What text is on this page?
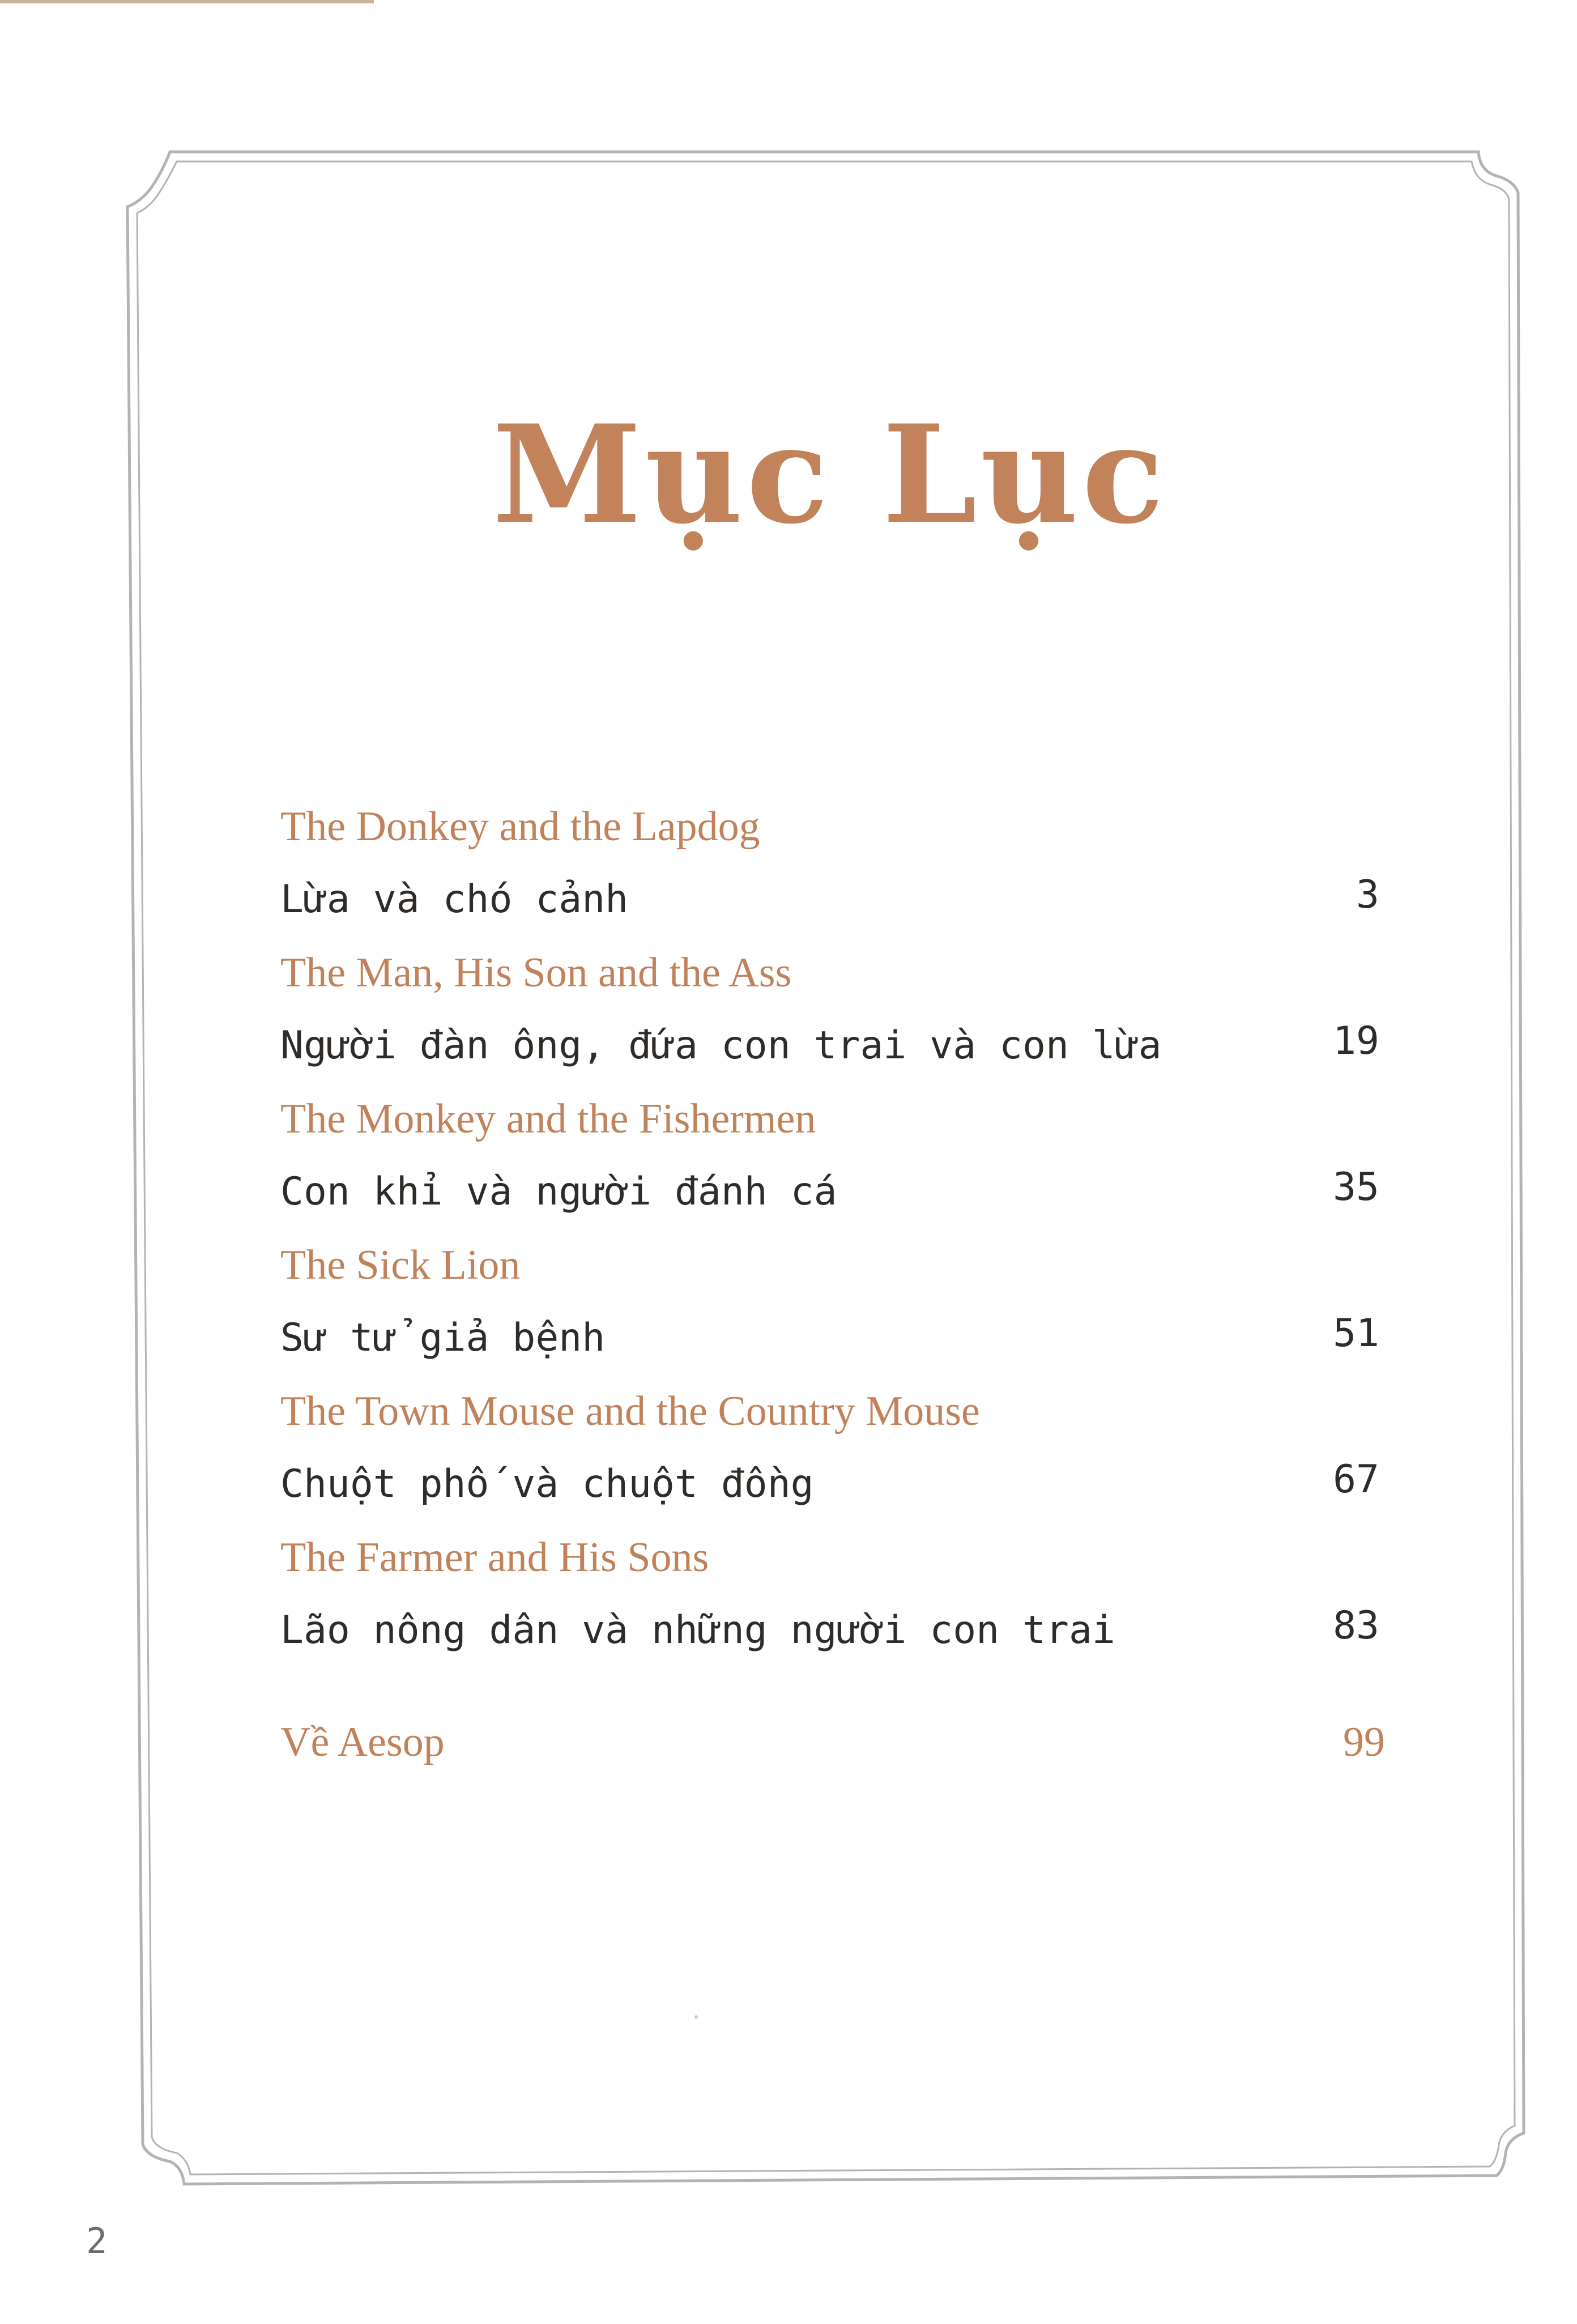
Mục Lục
The Donkey and the Lapdog
Lừa và chó cảnh	3
The Man, His Son and the Ass
Người đàn ông, đứa con trai và con lừa	19
The Monkey and the Fishermen
Con khỉ và người đánh cá	35
The Sick Lion
Sư tử giả bệnh	51
The Town Mouse and the Country Mouse
Chuột phố và chuột đồng	67
The Farmer and His Sons
Lão nông dân và những người con trai	83
Về Aesop	99
2
